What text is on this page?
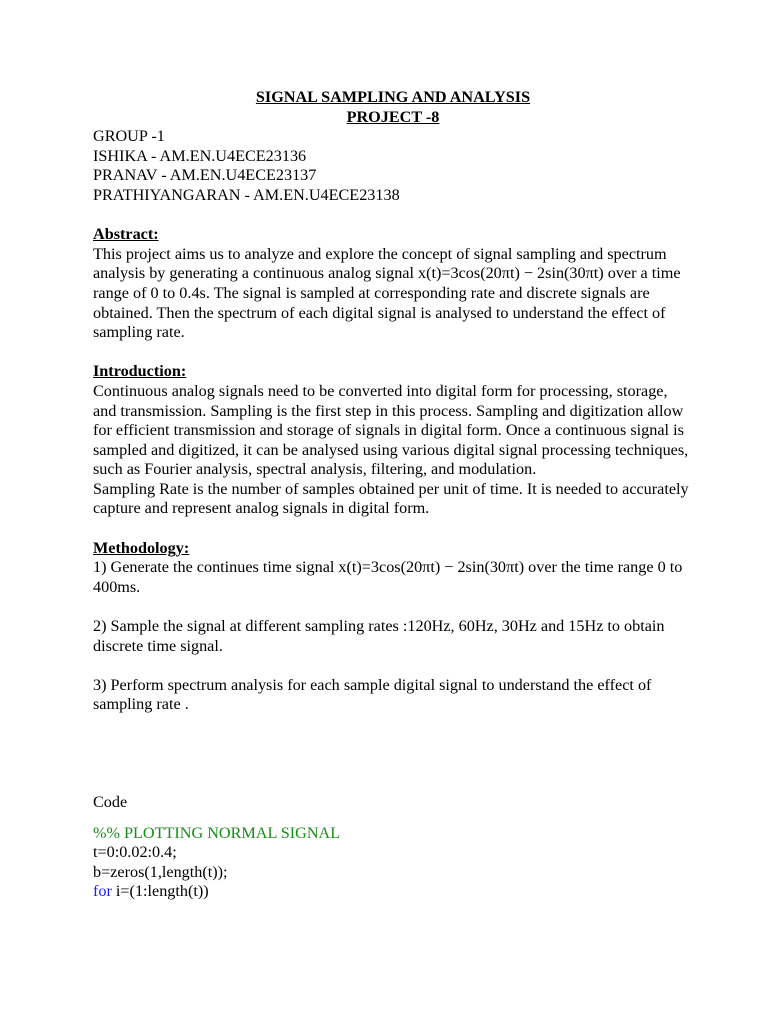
SIGNAL SAMPLING AND ANALYSIS
PROJECT -8
GROUP -1
ISHIKA - AM.EN.U4ECE23136
PRANAV - AM.EN.U4ECE23137
PRATHIYANGARAN - AM.EN.U4ECE23138
Abstract:

This project aims us to analyze and explore the concept of signal sampling and spectrum analysis by generating a continuous analog signal x(t)=3cos(20πt) − 2sin(30πt) over a time range of 0 to 0.4s. The signal is sampled at corresponding rate and discrete signals are obtained. Then the spectrum of each digital signal is analysed to understand the effect of sampling rate.

Introduction:

Continuous analog signals need to be converted into digital form for processing, storage, and transmission. Sampling is the first step in this process. Sampling and digitization allow for efficient transmission and storage of signals in digital form. Once a continuous signal is sampled and digitized, it can be analysed using various digital signal processing techniques, such as Fourier analysis, spectral analysis, filtering, and modulation.

Sampling Rate is the number of samples obtained per unit of time. It is needed to accurately capture and represent analog signals in digital form.

Methodology:

1) Generate the continues time signal x(t)=3cos(20πt) − 2sin(30πt) over the time range 0 to 400ms.

2) Sample the signal at different sampling rates :120Hz, 60Hz, 30Hz and 15Hz to obtain discrete time signal.

3) Perform spectrum analysis for each sample digital signal to understand the effect of sampling rate .

Code
%% PLOTTING NORMAL SIGNAL
t=0:0.02:0.4;
b=zeros(1,length(t));
for i=(1:length(t))
